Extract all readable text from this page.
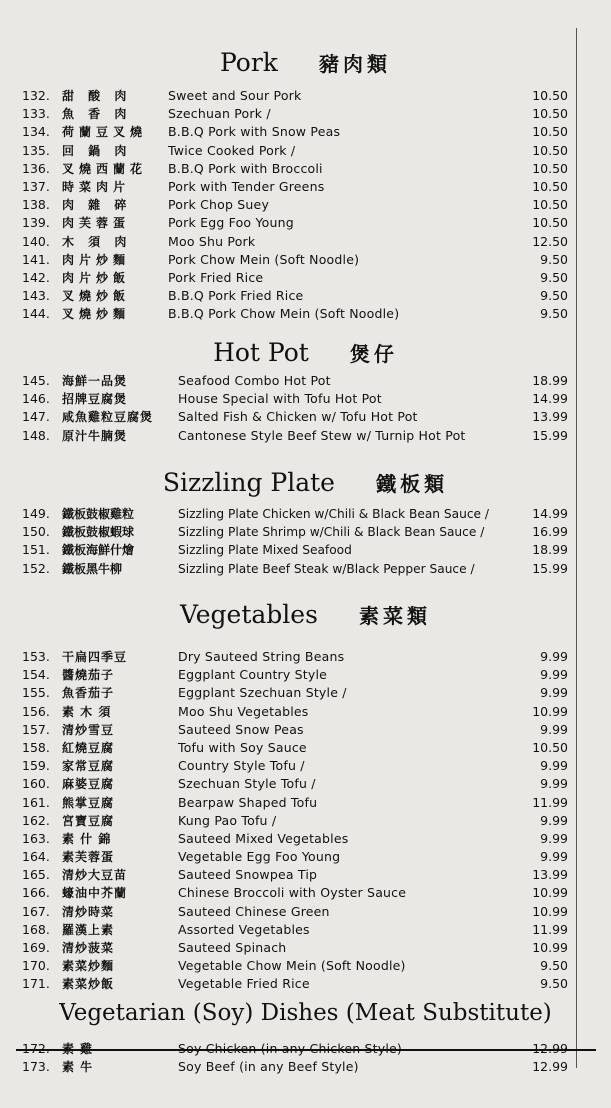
Pork 豬肉類
132.	甜 酸 肉	Sweet and Sour Pork	10.50
133.	魚 香 肉	Szechuan Pork /	10.50
134.	荷蘭豆叉燒	B.B.Q Pork with Snow Peas	10.50
135.	回 鍋 肉	Twice Cooked Pork /	10.50
136.	叉燒西蘭花	B.B.Q Pork with Broccoli	10.50
137.	時菜肉片	Pork with Tender Greens	10.50
138.	肉 雜 碎	Pork Chop Suey	10.50
139.	肉芙蓉蛋	Pork Egg Foo Young	10.50
140.	木 須 肉	Moo Shu Pork	12.50
141.	肉片炒麵	Pork Chow Mein (Soft Noodle)	9.50
142.	肉片炒飯	Pork Fried Rice	9.50
143.	叉燒炒飯	B.B.Q Pork Fried Rice	9.50
144.	叉燒炒麵	B.B.Q Pork Chow Mein (Soft Noodle)	9.50
Hot Pot 煲仔
145.	海鮮一品煲	Seafood Combo Hot Pot	18.99
146.	招牌豆腐煲	House Special with Tofu Hot Pot	14.99
147.	咸魚雞粒豆腐煲	Salted Fish & Chicken w/ Tofu Hot Pot	13.99
148.	原汁牛腩煲	Cantonese Style Beef Stew w/ Turnip Hot Pot	15.99
Sizzling Plate 鐵板類
149.	鐵板鼓椒雞粒	Sizzling Plate Chicken w/Chili & Black Bean Sauce /	14.99
150.	鐵板鼓椒蝦球	Sizzling Plate Shrimp w/Chili & Black Bean Sauce /	16.99
151.	鐵板海鮮什燴	Sizzling Plate Mixed Seafood	18.99
152.	鐵板黑牛柳	Sizzling Plate Beef Steak w/Black Pepper Sauce /	15.99
Vegetables 素菜類
153.	干扁四季豆	Dry Sauteed String Beans	9.99
154.	醬燒茄子	Eggplant Country Style	9.99
155.	魚香茄子	Eggplant Szechuan Style /	9.99
156.	素 木 須	Moo Shu Vegetables	10.99
157.	清炒雪豆	Sauteed Snow Peas	9.99
158.	紅燒豆腐	Tofu with Soy Sauce	10.50
159.	家常豆腐	Country Style Tofu /	9.99
160.	麻婆豆腐	Szechuan Style Tofu /	9.99
161.	熊掌豆腐	Bearpaw Shaped Tofu	11.99
162.	宮寶豆腐	Kung Pao Tofu /	9.99
163.	素 什 錦	Sauteed Mixed Vegetables	9.99
164.	素芙蓉蛋	Vegetable Egg Foo Young	9.99
165.	清炒大豆苗	Sauteed Snowpea Tip	13.99
166.	蠔油中芥蘭	Chinese Broccoli with Oyster Sauce	10.99
167.	清炒時菜	Sauteed Chinese Green	10.99
168.	羅漢上素	Assorted Vegetables	11.99
169.	清炒菠菜	Sauteed Spinach	10.99
170.	素菜炒麵	Vegetable Chow Mein (Soft Noodle)	9.50
171.	素菜炒飯	Vegetable Fried Rice	9.50
Vegetarian (Soy) Dishes (Meat Substitute)
172.	素 雞	Soy Chicken (in any Chicken Style)	12.99
173.	素 牛	Soy Beef (in any Beef Style)	12.99
